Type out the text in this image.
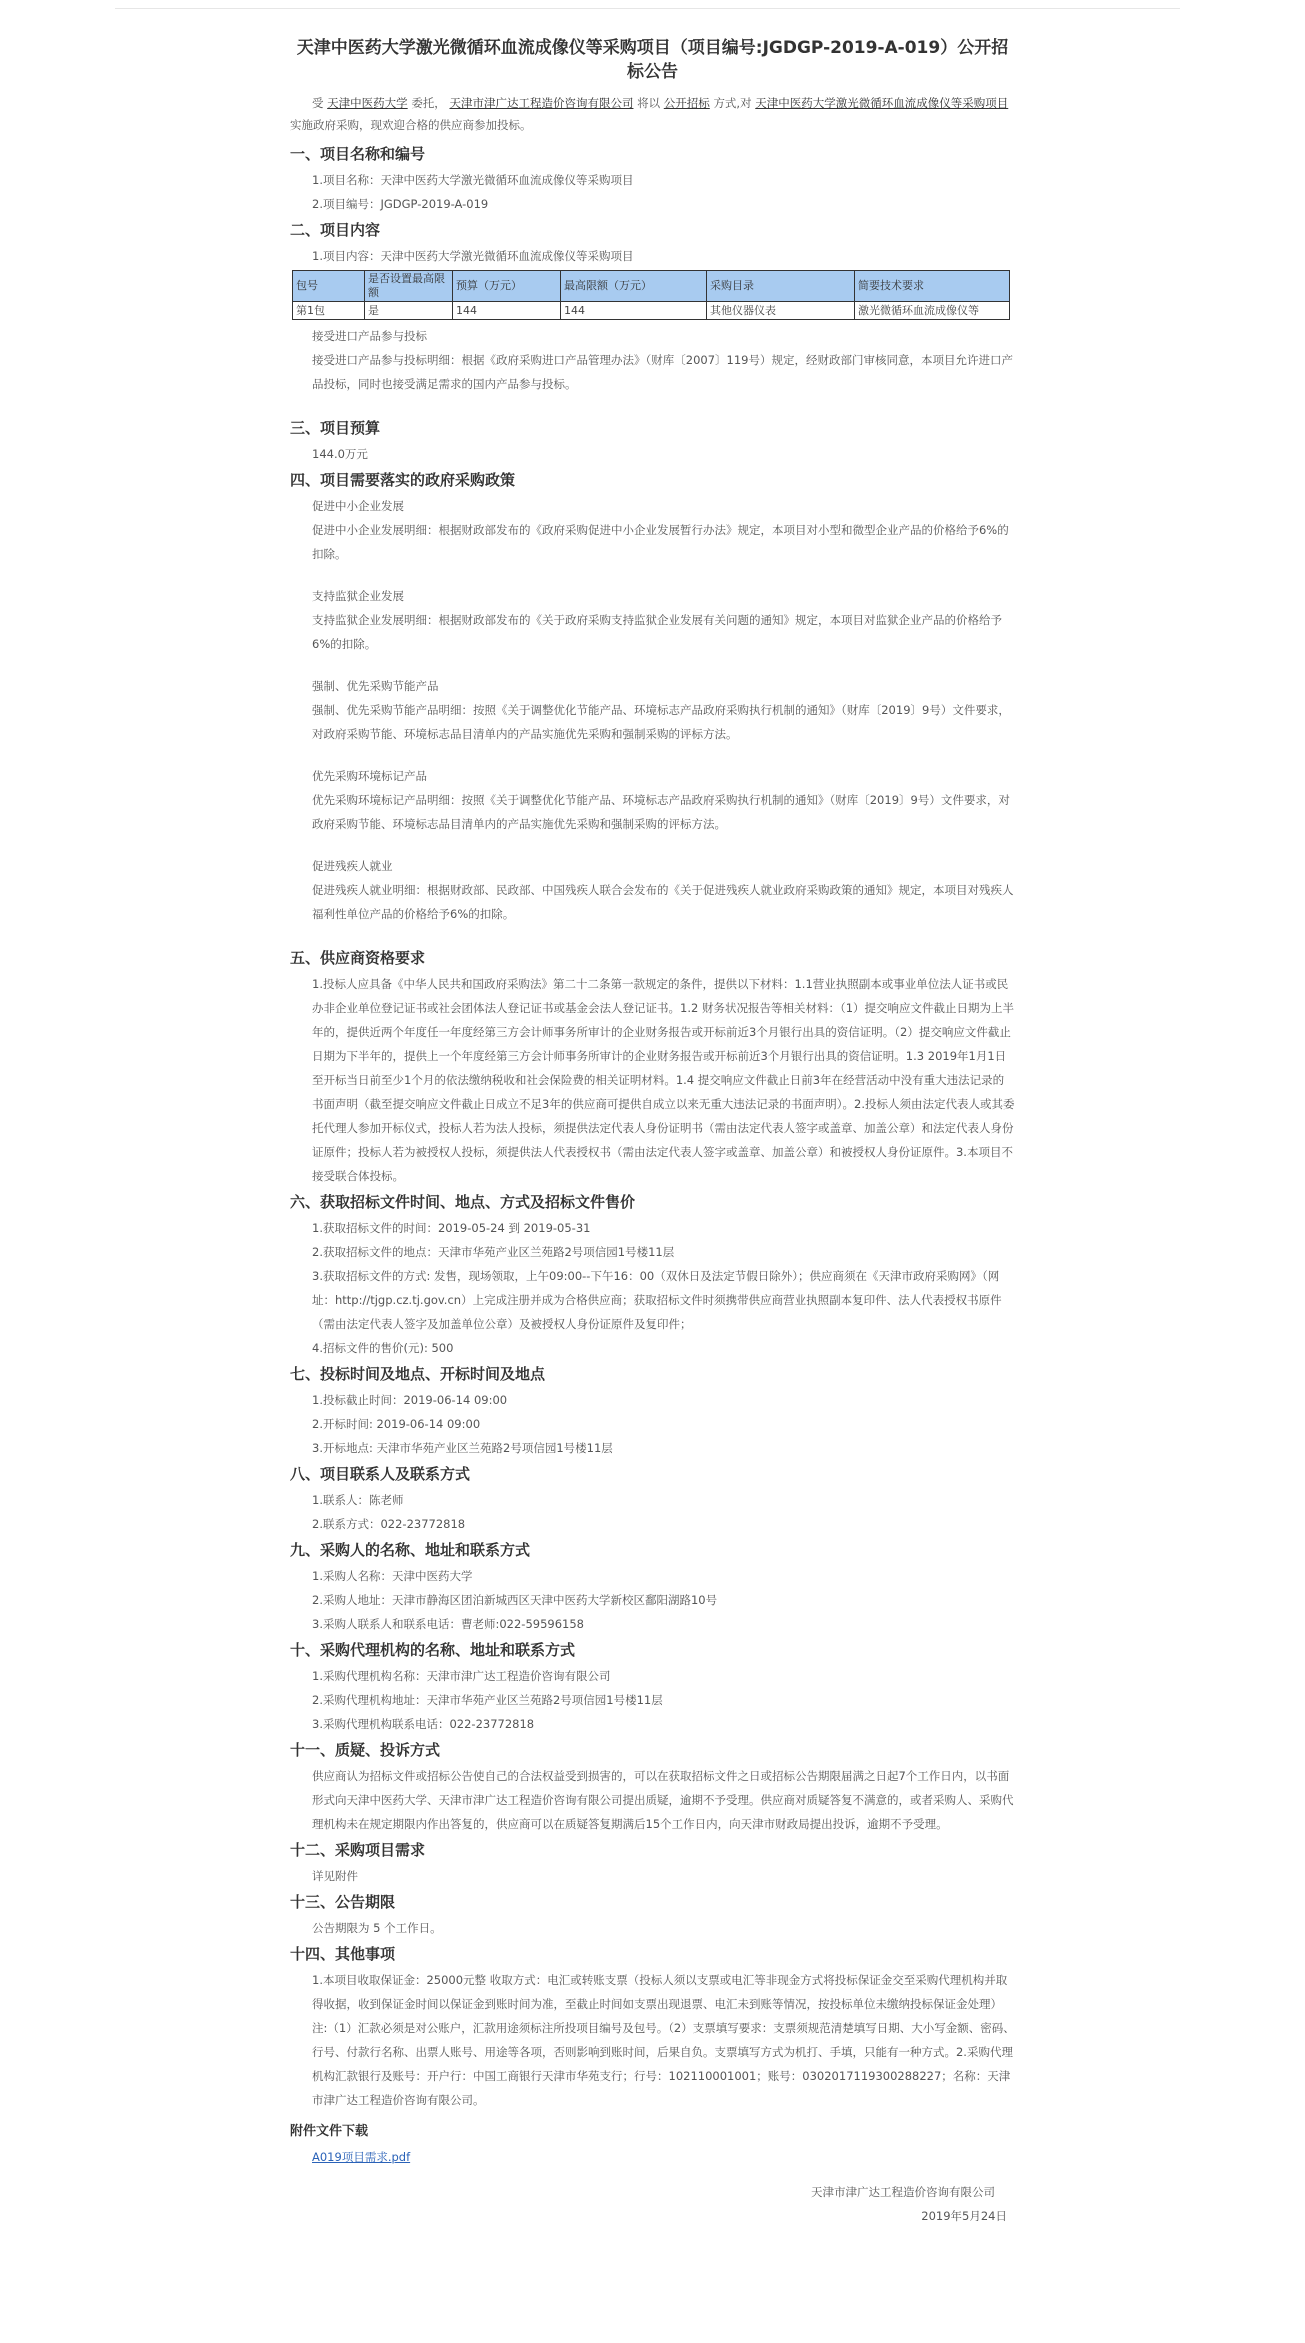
天津中医药大学激光微循环血流成像仪等采购项目（项目编号:JGDGP-2019-A-019）公开招标公告

受 天津中医药大学 委托， 天津市津广达工程造价咨询有限公司 将以 公开招标 方式,对 天津中医药大学激光微循环血流成像仪等采购项目 实施政府采购，现欢迎合格的供应商参加投标。

一、项目名称和编号

1.项目名称：天津中医药大学激光微循环血流成像仪等采购项目

2.项目编号：JGDGP-2019-A-019

二、项目内容

1.项目内容：天津中医药大学激光微循环血流成像仪等采购项目

包号	是否设置最高限额	预算（万元）	最高限额（万元）	采购目录	简要技术要求
第1包	是	144	144	其他仪器仪表	激光微循环血流成像仪等

接受进口产品参与投标

接受进口产品参与投标明细：根据《政府采购进口产品管理办法》（财库〔2007〕119号）规定，经财政部门审核同意，本项目允许进口产品投标，同时也接受满足需求的国内产品参与投标。

三、项目预算

144.0万元

四、项目需要落实的政府采购政策

促进中小企业发展

促进中小企业发展明细：根据财政部发布的《政府采购促进中小企业发展暂行办法》规定，本项目对小型和微型企业产品的价格给予6%的扣除。

支持监狱企业发展

支持监狱企业发展明细：根据财政部发布的《关于政府采购支持监狱企业发展有关问题的通知》规定，本项目对监狱企业产品的价格给予6%的扣除。

强制、优先采购节能产品

强制、优先采购节能产品明细：按照《关于调整优化节能产品、环境标志产品政府采购执行机制的通知》（财库〔2019〕9号）文件要求，对政府采购节能、环境标志品目清单内的产品实施优先采购和强制采购的评标方法。

优先采购环境标记产品

优先采购环境标记产品明细：按照《关于调整优化节能产品、环境标志产品政府采购执行机制的通知》（财库〔2019〕9号）文件要求，对政府采购节能、环境标志品目清单内的产品实施优先采购和强制采购的评标方法。

促进残疾人就业

促进残疾人就业明细：根据财政部、民政部、中国残疾人联合会发布的《关于促进残疾人就业政府采购政策的通知》规定，本项目对残疾人福利性单位产品的价格给予6%的扣除。

五、供应商资格要求

1.投标人应具备《中华人民共和国政府采购法》第二十二条第一款规定的条件，提供以下材料：1.1营业执照副本或事业单位法人证书或民办非企业单位登记证书或社会团体法人登记证书或基金会法人登记证书。1.2 财务状况报告等相关材料：（1）提交响应文件截止日期为上半年的，提供近两个年度任一年度经第三方会计师事务所审计的企业财务报告或开标前近3个月银行出具的资信证明。（2）提交响应文件截止日期为下半年的，提供上一个年度经第三方会计师事务所审计的企业财务报告或开标前近3个月银行出具的资信证明。1.3 2019年1月1日至开标当日前至少1个月的依法缴纳税收和社会保险费的相关证明材料。1.4 提交响应文件截止日前3年在经营活动中没有重大违法记录的书面声明（截至提交响应文件截止日成立不足3年的供应商可提供自成立以来无重大违法记录的书面声明）。2.投标人须由法定代表人或其委托代理人参加开标仪式，投标人若为法人投标，须提供法定代表人身份证明书（需由法定代表人签字或盖章、加盖公章）和法定代表人身份证原件；投标人若为被授权人投标，须提供法人代表授权书（需由法定代表人签字或盖章、加盖公章）和被授权人身份证原件。3.本项目不接受联合体投标。

六、获取招标文件时间、地点、方式及招标文件售价

1.获取招标文件的时间：2019-05-24 到 2019-05-31

2.获取招标文件的地点：天津市华苑产业区兰苑路2号项信园1号楼11层

3.获取招标文件的方式: 发售，现场领取，上午09:00--下午16：00（双休日及法定节假日除外）；供应商须在《天津市政府采购网》（网址：http://tjgp.cz.tj.gov.cn）上完成注册并成为合格供应商；获取招标文件时须携带供应商营业执照副本复印件、法人代表授权书原件（需由法定代表人签字及加盖单位公章）及被授权人身份证原件及复印件；

4.招标文件的售价(元): 500

七、投标时间及地点、开标时间及地点

1.投标截止时间：2019-06-14 09:00

2.开标时间: 2019-06-14 09:00

3.开标地点: 天津市华苑产业区兰苑路2号项信园1号楼11层

八、项目联系人及联系方式

1.联系人：陈老师

2.联系方式：022-23772818

九、采购人的名称、地址和联系方式

1.采购人名称：天津中医药大学

2.采购人地址：天津市静海区团泊新城西区天津中医药大学新校区鄱阳湖路10号

3.采购人联系人和联系电话：曹老师:022-59596158

十、采购代理机构的名称、地址和联系方式

1.采购代理机构名称：天津市津广达工程造价咨询有限公司

2.采购代理机构地址：天津市华苑产业区兰苑路2号项信园1号楼11层

3.采购代理机构联系电话：022-23772818

十一、质疑、投诉方式

供应商认为招标文件或招标公告使自己的合法权益受到损害的，可以在获取招标文件之日或招标公告期限届满之日起7个工作日内，以书面形式向天津中医药大学、天津市津广达工程造价咨询有限公司提出质疑，逾期不予受理。供应商对质疑答复不满意的，或者采购人、采购代理机构未在规定期限内作出答复的，供应商可以在质疑答复期满后15个工作日内，向天津市财政局提出投诉，逾期不予受理。

十二、采购项目需求

详见附件

十三、公告期限

公告期限为 5 个工作日。

十四、其他事项

1.本项目收取保证金：25000元整 收取方式：电汇或转账支票（投标人须以支票或电汇等非现金方式将投标保证金交至采购代理机构并取得收据，收到保证金时间以保证金到账时间为准，至截止时间如支票出现退票、电汇未到账等情况，按投标单位未缴纳投标保证金处理）注:（1）汇款必须是对公账户，汇款用途须标注所投项目编号及包号。（2）支票填写要求：支票须规范清楚填写日期、大小写金额、密码、行号、付款行名称、出票人账号、用途等各项，否则影响到账时间，后果自负。支票填写方式为机打、手填，只能有一种方式。2.采购代理机构汇款银行及账号：开户行：中国工商银行天津市华苑支行；行号：102110001001；账号：0302017119300288227；名称：天津市津广达工程造价咨询有限公司。

附件文件下载
A019项目需求.pdf

天津市津广达工程造价咨询有限公司

2019年5月24日
